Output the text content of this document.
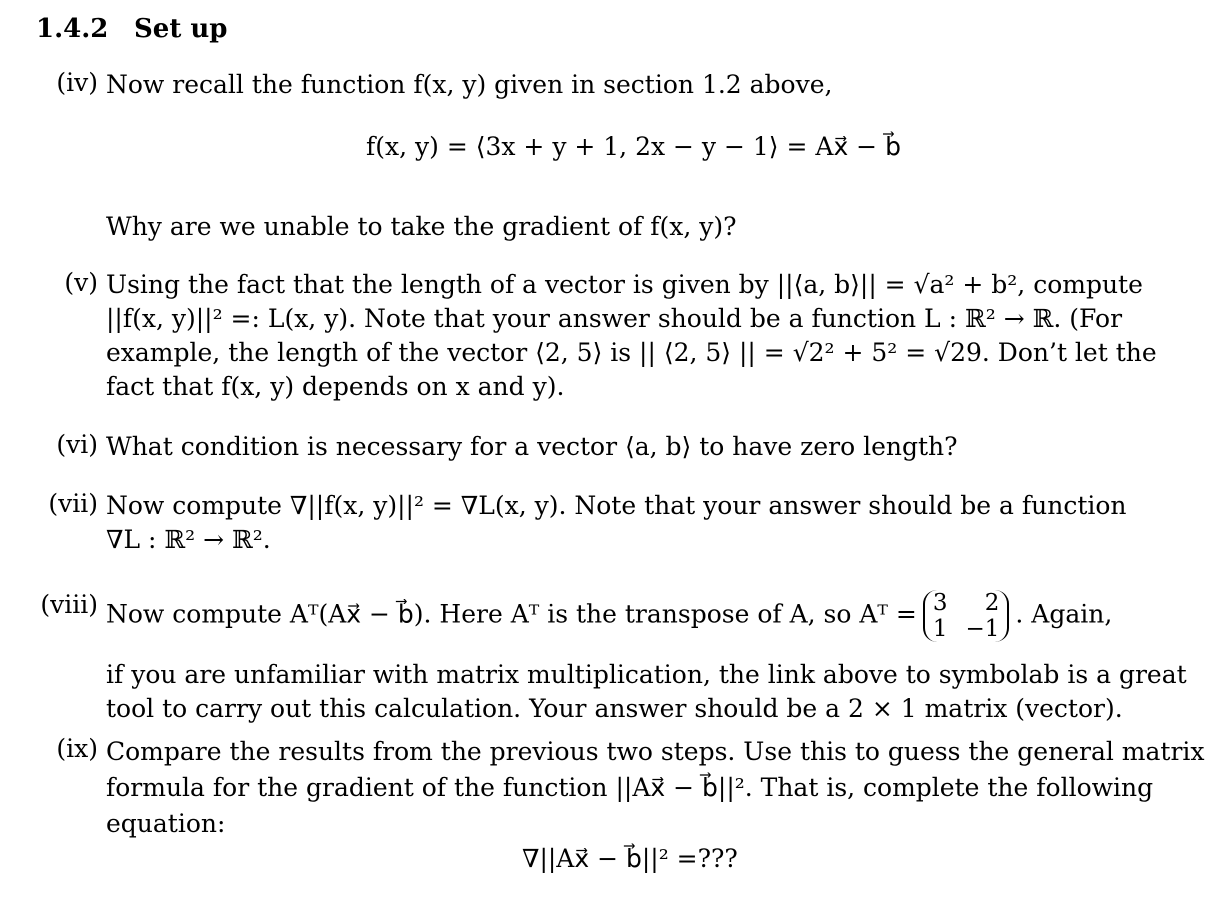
1.4.2 Set up
(iv) Now recall the function f(x, y) given in section 1.2 above,
f(x, y) = ⟨3x + y + 1, 2x − y − 1⟩ = Ax⃗ − b⃗
Why are we unable to take the gradient of f(x, y)?
(v) Using the fact that the length of a vector is given by ||⟨a, b⟩|| = √a² + b², compute
||f(x, y)||² =: L(x, y). Note that your answer should be a function L : ℝ² → ℝ. (For
example, the length of the vector ⟨2, 5⟩ is || ⟨2, 5⟩ || = √2² + 5² = √29. Don’t let the
fact that f(x, y) depends on x and y).
(vi) What condition is necessary for a vector ⟨a, b⟩ to have zero length?
(vii) Now compute ∇||f(x, y)||² = ∇L(x, y). Note that your answer should be a function
∇L : ℝ² → ℝ².
(viii) Now compute Aᵀ(Ax⃗ − b⃗). Here Aᵀ is the transpose of A, so Aᵀ = 3	2
1 −1
. Again,
if you are unfamiliar with matrix multiplication, the link above to symbolab is a great
tool to carry out this calculation. Your answer should be a 2 × 1 matrix (vector).
(ix) Compare the results from the previous two steps. Use this to guess the general matrix
formula for the gradient of the function ||Ax⃗ − b⃗||². That is, complete the following
equation:
∇||Ax⃗ − b⃗||² =???
